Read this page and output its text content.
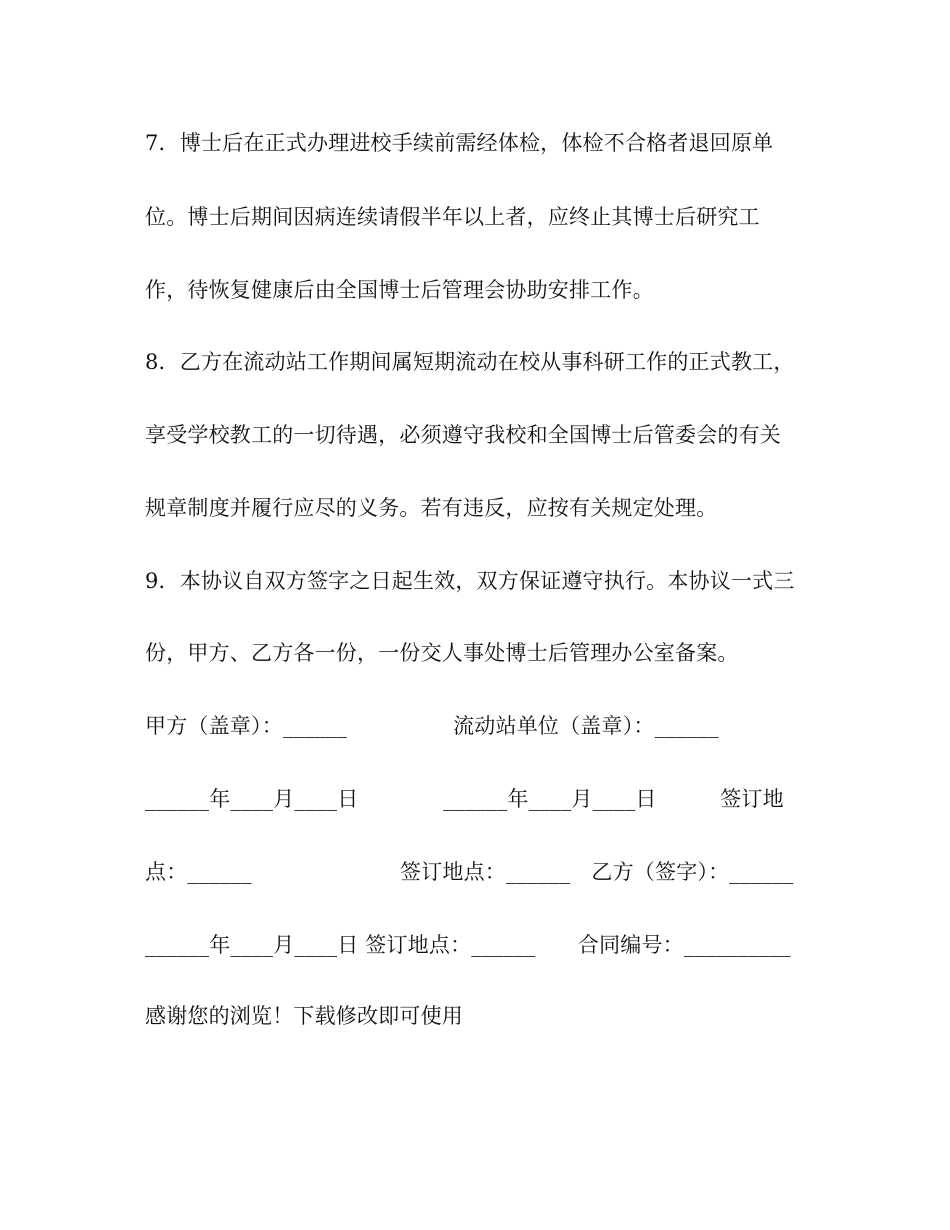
7．博士后在正式办理进校手续前需经体检，体检不合格者退回原单
位。博士后期间因病连续请假半年以上者，应终止其博士后研究工
作，待恢复健康后由全国博士后管理会协助安排工作。
8．乙方在流动站工作期间属短期流动在校从事科研工作的正式教工，
享受学校教工的一切待遇，必须遵守我校和全国博士后管委会的有关
规章制度并履行应尽的义务。若有违反，应按有关规定处理。
9．本协议自双方签字之日起生效，双方保证遵守执行。本协议一式三
份，甲方、乙方各一份，一份交人事处博士后管理办公室备案。
甲方（盖章）：______　　　　　流动站单位（盖章）：______
______年____月____日　　　　______年____月____日　　　签订地
点：______　　　　　　　签订地点：______　乙方（签字）：______
______年____月____日 签订地点：______　　合同编号：__________
感谢您的浏览！下载修改即可使用
